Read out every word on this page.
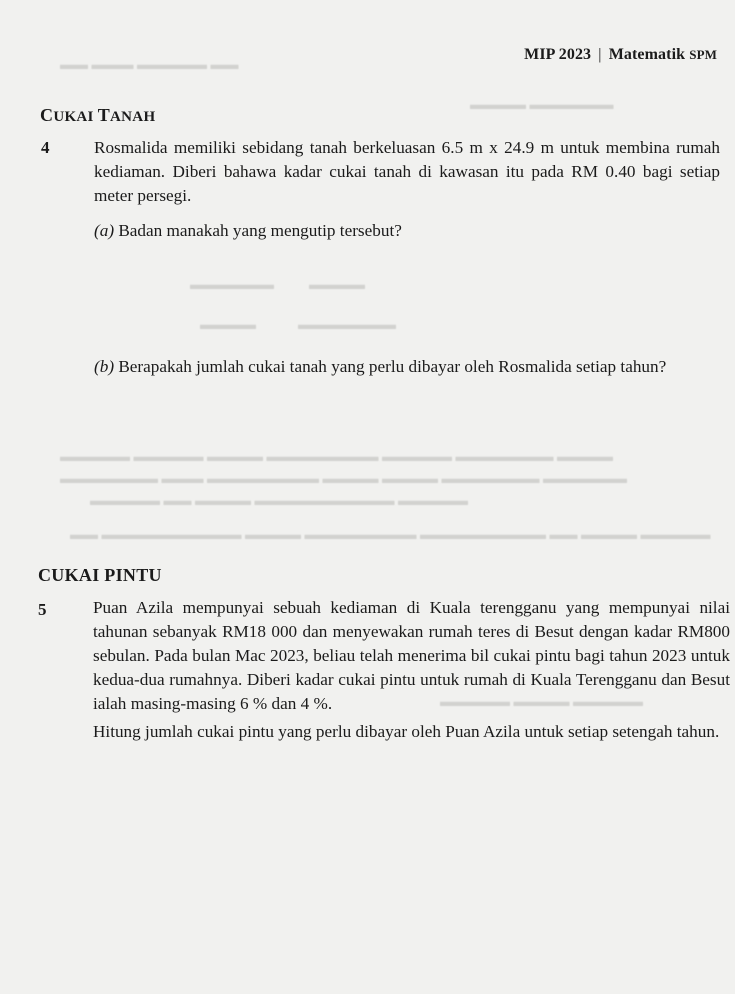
MIP 2023 | Matematik SPM
▬▬ ▬▬▬ ▬▬▬▬▬ ▬▬
▬▬▬▬ ▬▬▬▬▬▬
▬▬▬▬▬▬          ▬▬▬▬
▬▬▬▬            ▬▬▬▬▬▬▬
▬▬▬▬▬ ▬▬▬▬▬ ▬▬▬▬ ▬▬▬▬▬▬▬▬ ▬▬▬▬▬ ▬▬▬▬▬▬▬ ▬▬▬▬
▬▬▬▬▬▬▬ ▬▬▬ ▬▬▬▬▬▬▬▬ ▬▬▬▬ ▬▬▬▬ ▬▬▬▬▬▬▬ ▬▬▬▬▬▬
▬▬▬▬▬ ▬▬ ▬▬▬▬ ▬▬▬▬▬▬▬▬▬▬ ▬▬▬▬▬
▬▬ ▬▬▬▬▬▬▬▬▬▬ ▬▬▬▬ ▬▬▬▬▬▬▬▬ ▬▬▬▬▬▬▬▬▬ ▬▬ ▬▬▬▬ ▬▬▬▬▬
▬▬▬▬▬ ▬▬▬▬ ▬▬▬▬▬
CUKAI TANAH
4	Rosmalida memiliki sebidang tanah berkeluasan 6.5 m x 24.9 m untuk membina rumah kediaman. Diberi bahawa kadar cukai tanah di kawasan itu pada RM 0.40 bagi setiap meter persegi.
(a) Badan manakah yang mengutip tersebut?
(b) Berapakah jumlah cukai tanah yang perlu dibayar oleh Rosmalida setiap tahun?
CUKAI PINTU
5	Puan Azila mempunyai sebuah kediaman di Kuala terengganu yang mempunyai nilai tahunan sebanyak RM18 000 dan menyewakan rumah teres di Besut dengan kadar RM800 sebulan. Pada bulan Mac 2023, beliau telah menerima bil cukai pintu bagi tahun 2023 untuk kedua-dua rumahnya. Diberi kadar cukai pintu untuk rumah di Kuala Terengganu dan Besut ialah masing-masing 6 % dan 4 %.
Hitung jumlah cukai pintu yang perlu dibayar oleh Puan Azila untuk setiap setengah tahun.
